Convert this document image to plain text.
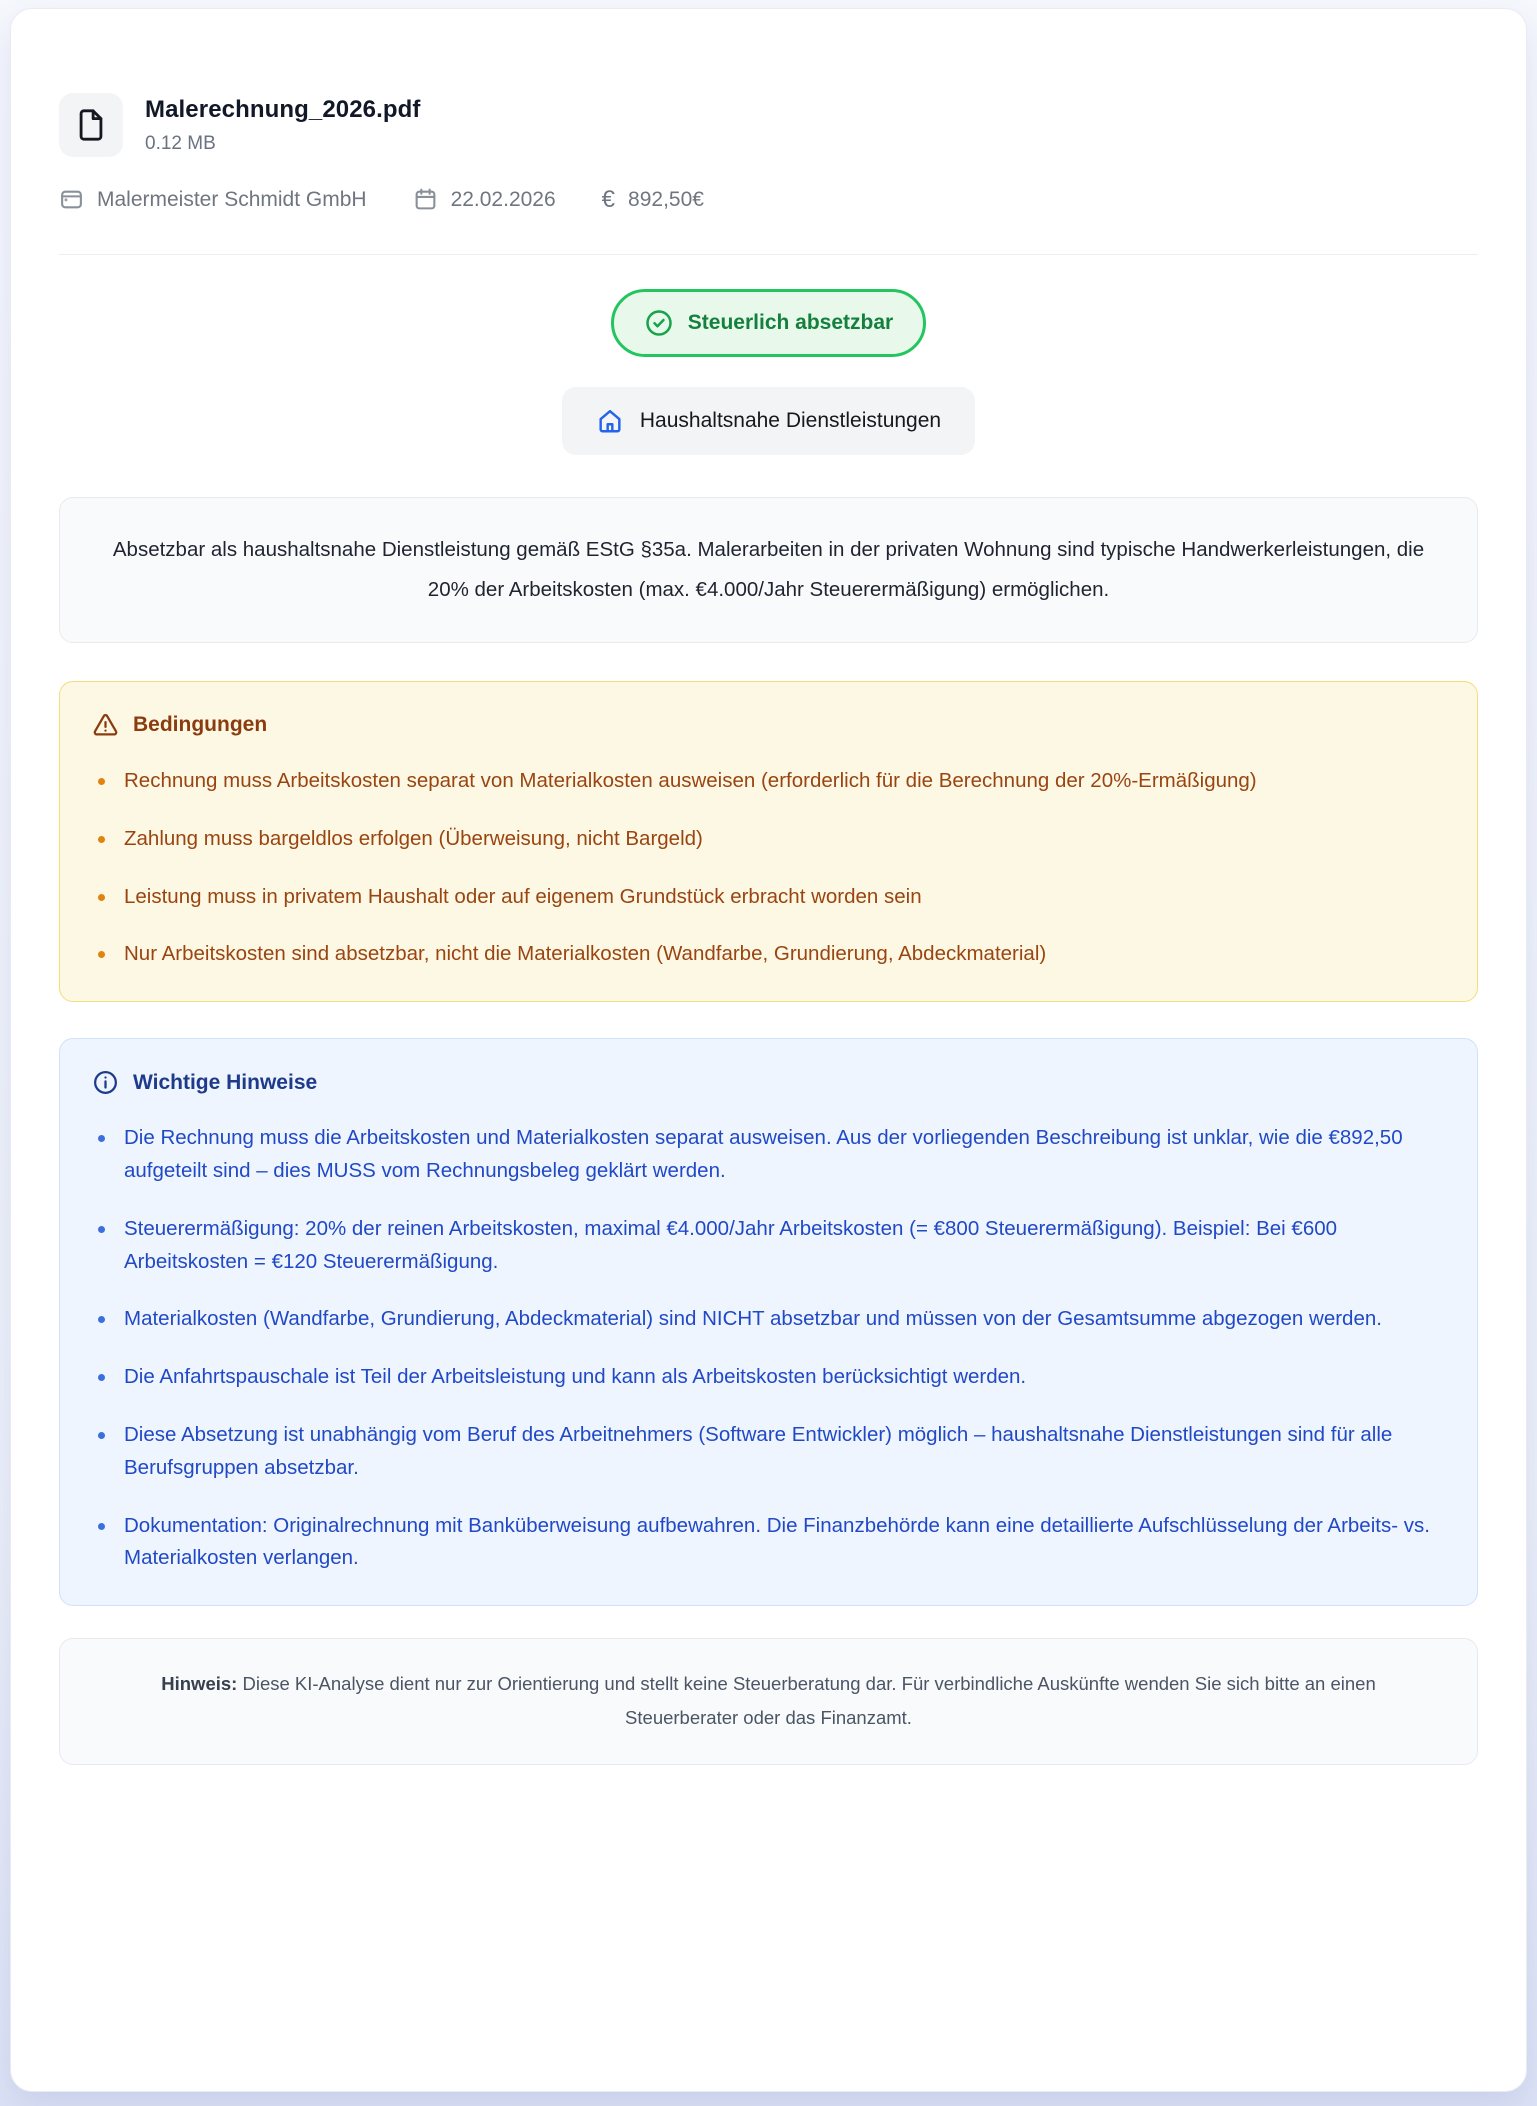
Malerechnung_2026.pdf
0.12 MB
Malermeister Schmidt GmbH	22.02.2026 € 892,50€
Steuerlich absetzbar
Haushaltsnahe Dienstleistungen
Absetzbar als haushaltsnahe Dienstleistung gemäß EStG §35a. Malerarbeiten in der privaten Wohnung sind typische Handwerkerleistungen, die 20% der Arbeitskosten (max. €4.000/Jahr Steuerermäßigung) ermöglichen.
Bedingungen
Rechnung muss Arbeitskosten separat von Materialkosten ausweisen (erforderlich für die Berechnung der 20%-Ermäßigung)
Zahlung muss bargeldlos erfolgen (Überweisung, nicht Bargeld)
Leistung muss in privatem Haushalt oder auf eigenem Grundstück erbracht worden sein
Nur Arbeitskosten sind absetzbar, nicht die Materialkosten (Wandfarbe, Grundierung, Abdeckmaterial)
Wichtige Hinweise
Die Rechnung muss die Arbeitskosten und Materialkosten separat ausweisen. Aus der vorliegenden Beschreibung ist unklar, wie die €892,50 aufgeteilt sind – dies MUSS vom Rechnungsbeleg geklärt werden.
Steuerermäßigung: 20% der reinen Arbeitskosten, maximal €4.000/Jahr Arbeitskosten (= €800 Steuerermäßigung). Beispiel: Bei €600 Arbeitskosten = €120 Steuerermäßigung.
Materialkosten (Wandfarbe, Grundierung, Abdeckmaterial) sind NICHT absetzbar und müssen von der Gesamtsumme abgezogen werden.
Die Anfahrtspauschale ist Teil der Arbeitsleistung und kann als Arbeitskosten berücksichtigt werden.
Diese Absetzung ist unabhängig vom Beruf des Arbeitnehmers (Software Entwickler) möglich – haushaltsnahe Dienstleistungen sind für alle Berufsgruppen absetzbar.
Dokumentation: Originalrechnung mit Banküberweisung aufbewahren. Die Finanzbehörde kann eine detaillierte Aufschlüsselung der Arbeits- vs. Materialkosten verlangen.
Hinweis: Diese KI-Analyse dient nur zur Orientierung und stellt keine Steuerberatung dar. Für verbindliche Auskünfte wenden Sie sich bitte an einen Steuerberater oder das Finanzamt.
